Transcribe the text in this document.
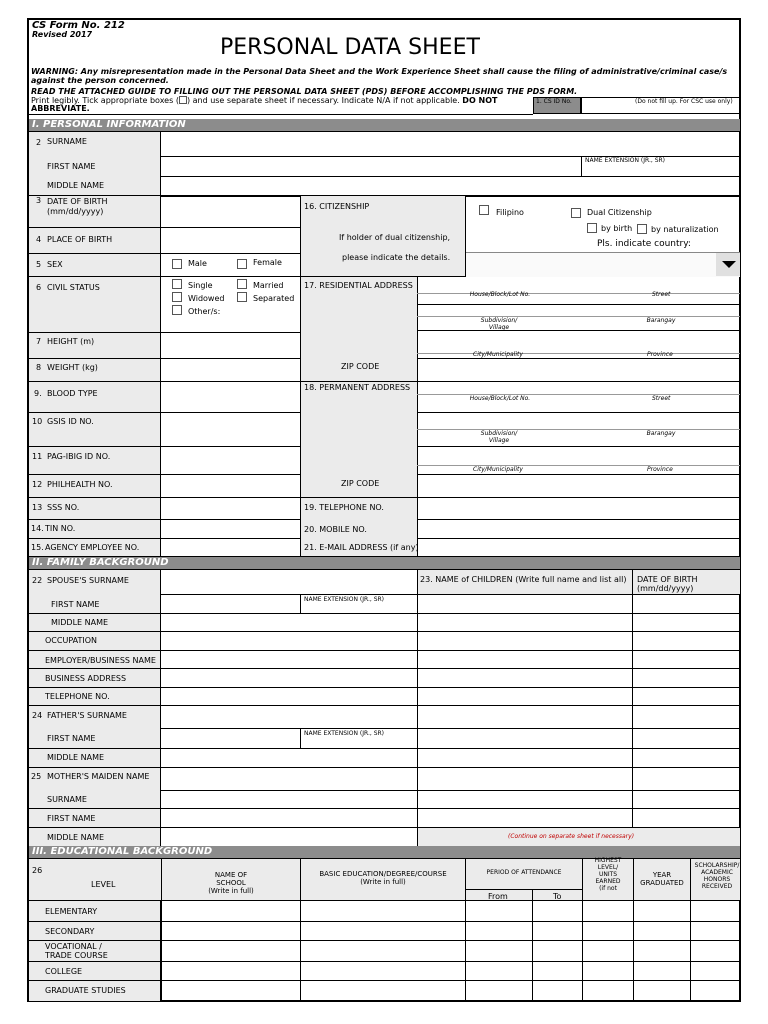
CS Form No. 212
Revised 2017
PERSONAL DATA SHEET
WARNING: Any misrepresentation made in the Personal Data Sheet and the Work Experience Sheet shall cause the filing of administrative/criminal case/s against the person concerned.
READ THE ATTACHED GUIDE TO FILLING OUT THE PERSONAL DATA SHEET (PDS) BEFORE ACCOMPLISHING THE PDS FORM.
Print legibly. Tick appropriate boxes ( ) and use separate sheet if necessary. Indicate N/A if not applicable. DO NOT
ABBREVIATE.
1. CS ID No.	(Do not fill up. For CSC use only)
I. PERSONAL INFORMATION
2 SURNAME
FIRST NAME
MIDDLE NAME
NAME EXTENSION (JR., SR)
3 DATE OF BIRTH
(mm/dd/yyyy)
4 PLACE OF BIRTH
5 SEX
6 CIVIL STATUS
7 HEIGHT (m)
8 WEIGHT (kg)
9. BLOOD TYPE
10 GSIS ID NO.
11 PAG-IBIG ID NO.
12 PHILHEALTH NO.
13 SSS NO.
14. TIN NO.
15. AGENCY EMPLOYEE NO.
Male	Female
Single	Married
Widowed	Separated
Other/s:
16. CITIZENSHIP
If holder of dual citizenship,
please indicate the details.
Filipino	Dual Citizenship
by birth by naturalization
Pls. indicate country:
17. RESIDENTIAL ADDRESS
ZIP CODE
House/Block/Lot No.	Street
Subdivision/ Village
Barangay
City/Municipality	Province
18. PERMANENT ADDRESS
ZIP CODE
House/Block/Lot No.	Street
Subdivision/ Village
Barangay
City/Municipality	Province
19. TELEPHONE NO.
20. MOBILE NO.
21. E-MAIL ADDRESS (if any)
II. FAMILY BACKGROUND
22 SPOUSE'S SURNAME
FIRST NAME
NAME EXTENSION (JR., SR)
MIDDLE NAME
OCCUPATION
EMPLOYER/BUSINESS NAME
BUSINESS ADDRESS
TELEPHONE NO.
23. NAME of CHILDREN (Write full name and list all) DATE OF BIRTH
(mm/dd/yyyy)
24 FATHER'S SURNAME
FIRST NAME
NAME EXTENSION (JR., SR)
MIDDLE NAME
25 MOTHER'S MAIDEN NAME
SURNAME
FIRST NAME
MIDDLE NAME	(Continue on separate sheet if necessary)
III. EDUCATIONAL BACKGROUND
26
LEVEL
NAME OF
SCHOOL
(Write in full)
BASIC EDUCATION/DEGREE/COURSE
(Write in full)
PERIOD OF ATTENDANCE
From	To
HIGHEST
LEVEL/
UNITS
EARNED
(if not
YEAR
GRADUATED
SCHOLARSHIP/
ACADEMIC
HONORS
RECEIVED
ELEMENTARY
SECONDARY
VOCATIONAL /
TRADE COURSE
COLLEGE
GRADUATE STUDIES
